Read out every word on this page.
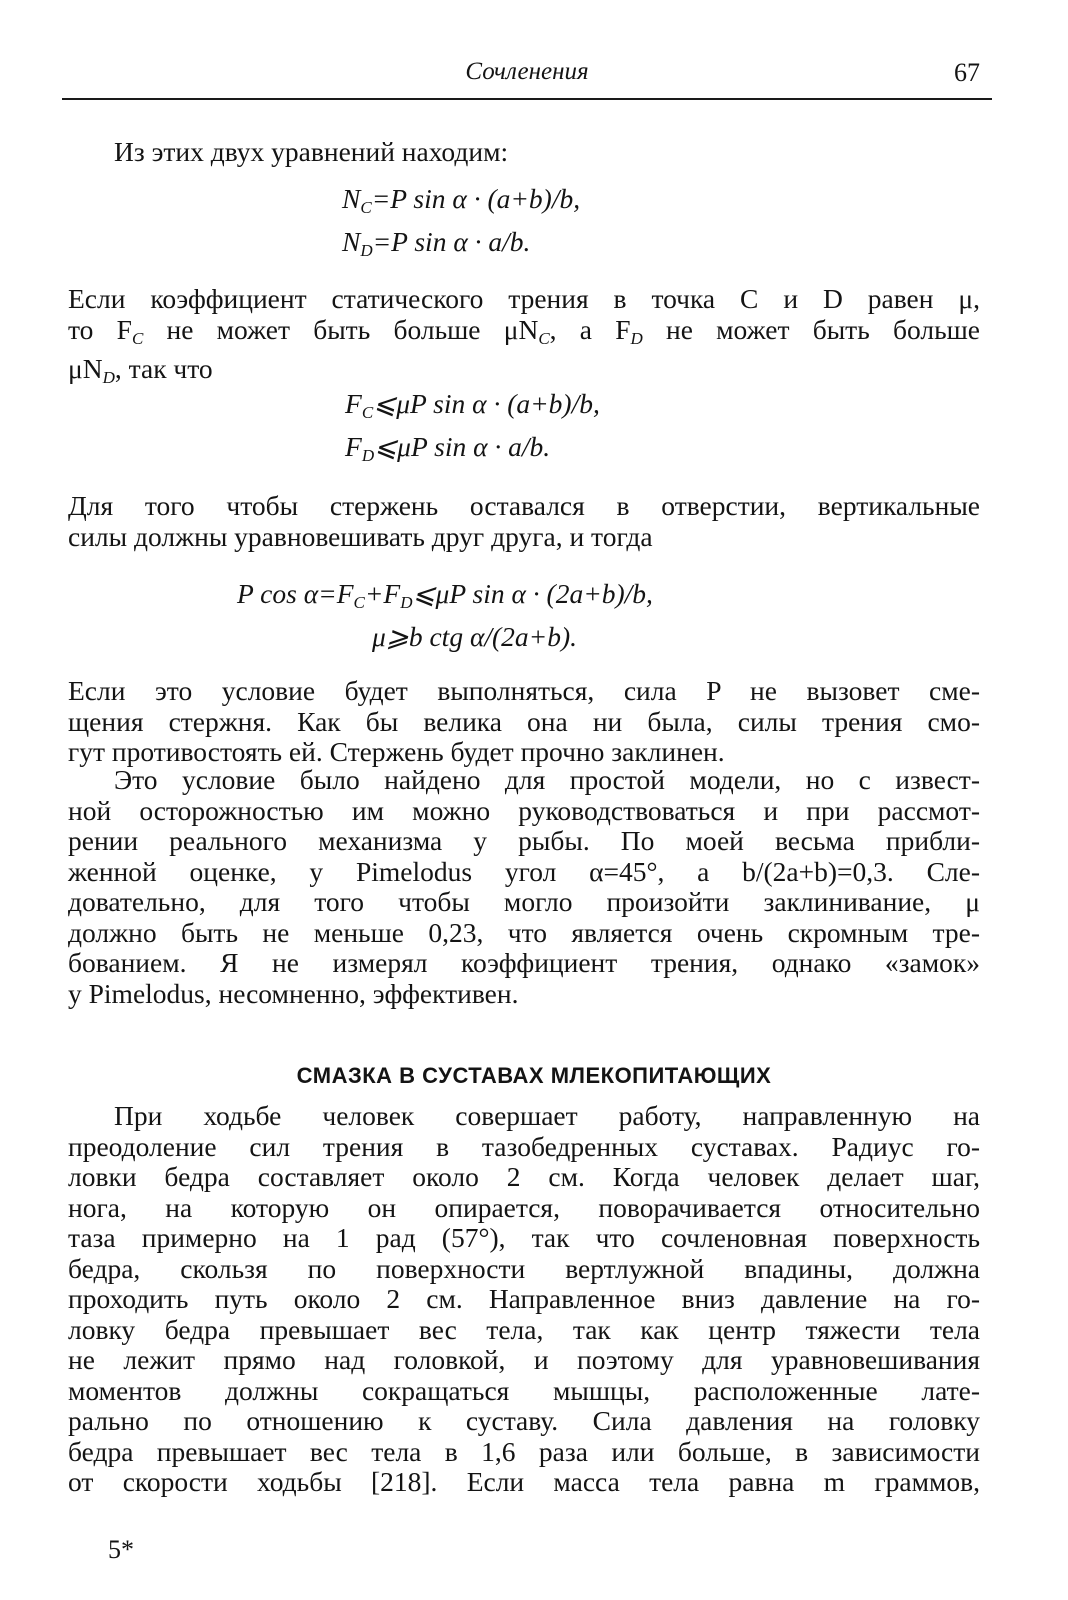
Сочленения	67
Из этих двух уравнений находим:
$N_C=P$ sin α · (a+b)/b,
$N_D=P$ sin α · a/b.
Если коэффициент статического трения в точка C и D равен μ,
то $F_C$ не может быть больше $\mu N_C$, а $F_D$ не может быть больше
$\mu N_D$, так что
$F_C⩽\mu P$ sin α · (a+b)/b,
$F_D⩽\mu P$ sin α · a/b.
Для того чтобы стержень оставался в отверстии, вертикальные
силы должны уравновешивать друг друга, и тогда
P $\cos \alpha=F_C+F_D⩽\mu P$ sin α · (2a+b)/b,
μ⩾b ctg α/(2a+b).
Если это условие будет выполняться, сила P не вызовет сме-
щения стержня. Как бы велика она ни была, силы трения смо-
гут противостоять ей. Стержень будет прочно заклинен.
Это условие было найдено для простой модели, но с извест-
ной осторожностью им можно руководствоваться и при рассмот-
рении реального механизма у рыбы. По моей весьма прибли-
женной оценке, у Pimelodus угол α=45°, а b/(2a+b)=0,3. Сле-
довательно, для того чтобы могло произойти заклинивание, μ
должно быть не меньше 0,23, что является очень скромным тре-
бованием. Я не измерял коэффициент трения, однако «замок»
у Pimelodus, несомненно, эффективен.
СМАЗКА В СУСТАВАХ МЛЕКОПИТАЮЩИХ
При ходьбе человек совершает работу, направленную на
преодоление сил трения в тазобедренных суставах. Радиус го-
ловки бедра составляет около 2 см. Когда человек делает шаг,
нога, на которую он опирается, поворачивается относительно
таза примерно на 1 рад (57°), так что сочленовная поверхность
бедра, скользя по поверхности вертлужной впадины, должна
проходить путь около 2 см. Направленное вниз давление на го-
ловку бедра превышает вес тела, так как центр тяжести тела
не лежит прямо над головкой, и поэтому для уравновешивания
моментов должны сокращаться мышцы, расположенные лате-
рально по отношению к суставу. Сила давления на головку
бедра превышает вес тела в 1,6 раза или больше, в зависимости
от скорости ходьбы [218]. Если масса тела равна m граммов,
5*
